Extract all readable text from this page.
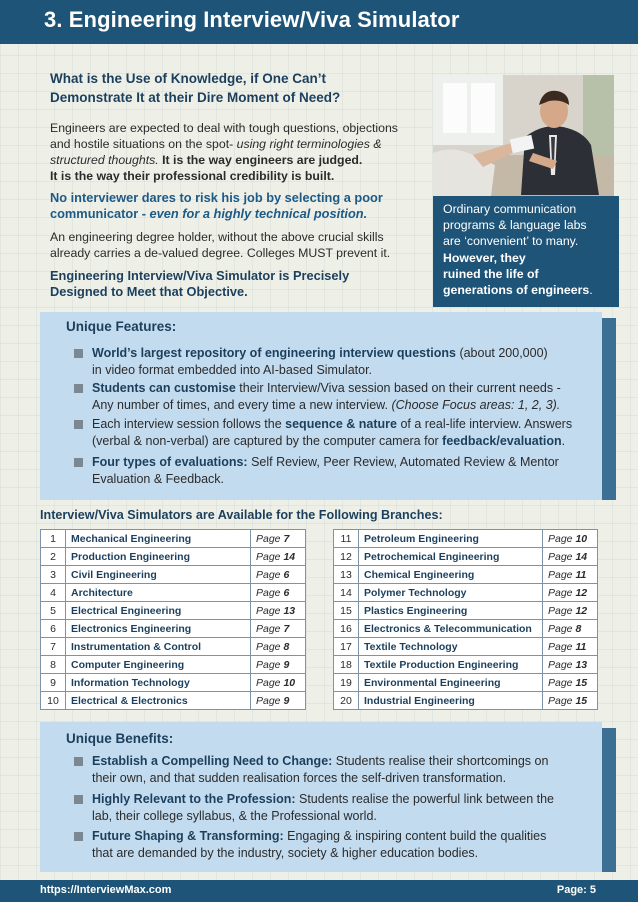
3. Engineering Interview/Viva Simulator
What is the Use of Knowledge, if One Can’t
Demonstrate It at their Dire Moment of Need?
Engineers are expected to deal with tough questions, objections
and hostile situations on the spot- using right terminologies &
structured thoughts. It is the way engineers are judged.
It is the way their professional credibility is built.
No interviewer dares to risk his job by selecting a poor
communicator - even for a highly technical position.
An engineering degree holder, without the above crucial skills
already carries a de-valued degree. Colleges MUST prevent it.
Engineering Interview/Viva Simulator is Precisely
Designed to Meet that Objective.
Ordinary communication
programs & language labs
are ‘convenient’ to many.
However, they
ruined the life of
generations of engineers.
Unique Features:
World’s largest repository of engineering interview questions (about 200,000)
in video format embedded into AI-based Simulator.
Students can customise their Interview/Viva session based on their current needs -
Any number of times, and every time a new interview. (Choose Focus areas: 1, 2, 3).
Each interview session follows the sequence & nature of a real-life interview. Answers
(verbal & non-verbal) are captured by the computer camera for feedback/evaluation.
Four types of evaluations: Self Review, Peer Review, Automated Review & Mentor
Evaluation & Feedback.
Interview/Viva Simulators are Available for the Following Branches:
1	Mechanical Engineering	Page 7
2	Production Engineering	Page 14
3	Civil Engineering	Page 6
4	Architecture	Page 6
5	Electrical Engineering	Page 13
6	Electronics Engineering	Page 7
7	Instrumentation & Control	Page 8
8	Computer Engineering	Page 9
9	Information Technology	Page 10
10	Electrical & Electronics	Page 9
11	Petroleum Engineering	Page 10
12	Petrochemical Engineering	Page 14
13	Chemical Engineering	Page 11
14	Polymer Technology	Page 12
15	Plastics Engineering	Page 12
16	Electronics & Telecommunication	Page 8
17	Textile Technology	Page 11
18	Textile Production Engineering	Page 13
19	Environmental Engineering	Page 15
20	Industrial Engineering	Page 15
Unique Benefits:
Establish a Compelling Need to Change: Students realise their shortcomings on
their own, and that sudden realisation forces the self-driven transformation.
Highly Relevant to the Profession: Students realise the powerful link between the
lab, their college syllabus, & the Professional world.
Future Shaping & Transforming: Engaging & inspiring content build the qualities
that are demanded by the industry, society & higher education bodies.
https://InterviewMax.com	Page: 5
